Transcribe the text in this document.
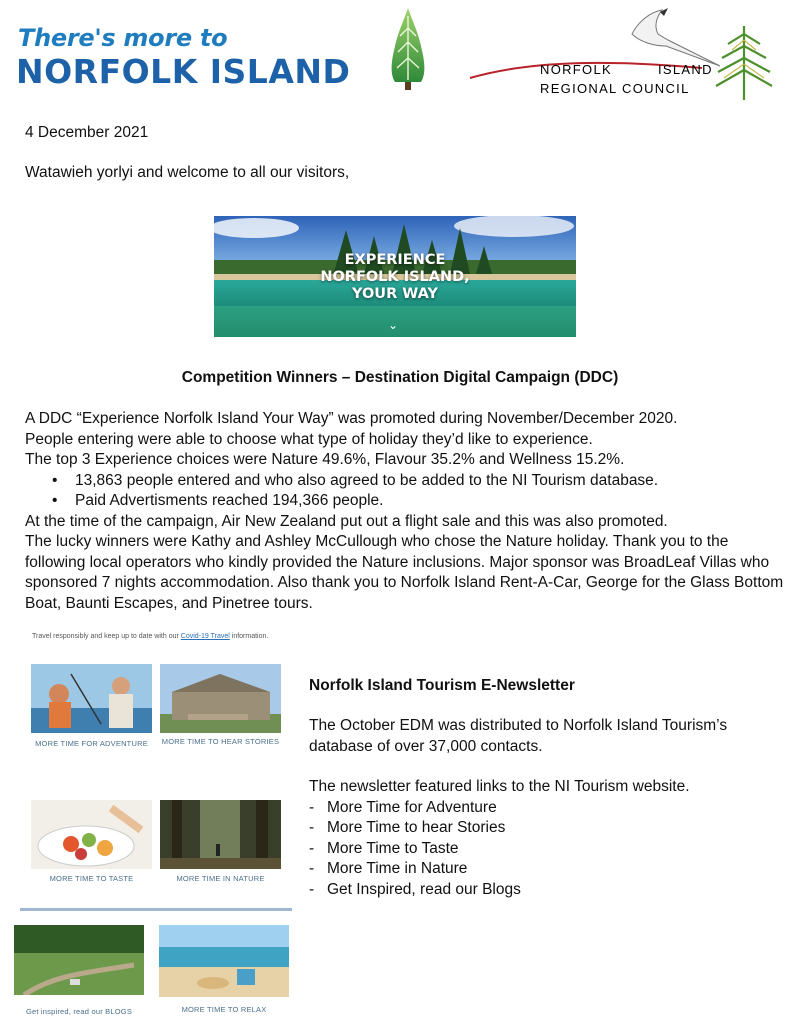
There's more to
NORFOLK ISLAND	NORFOLK	ISLAND
REGIONAL COUNCIL
4 December 2021
Watawieh yorlyi and welcome to all our visitors,
EXPERIENCE
NORFOLK ISLAND,
YOUR WAY
⌄
Competition Winners – Destination Digital Campaign (DDC)

A DDC “Experience Norfolk Island Your Way” was promoted during November/December 2020.

People entering were able to choose what type of holiday they’d like to experience.

The top 3 Experience choices were Nature 49.6%, Flavour 35.2% and Wellness 15.2%.

• 13,863 people entered and who also agreed to be added to the NI Tourism database.
• Paid Advertisments reached 194,366 people.

At the time of the campaign, Air New Zealand put out a flight sale and this was also promoted.

The lucky winners were Kathy and Ashley McCullough who chose the Nature holiday. Thank you to the following local operators who kindly provided the Nature inclusions. Major sponsor was BroadLeaf Villas who sponsored 7 nights accommodation. Also thank you to Norfolk Island Rent-A-Car, George for the Glass Bottom Boat, Baunti Escapes, and Pinetree tours.

Travel responsibly and keep up to date with our Covid-19 Travel information.
MORE TIME FOR ADVENTURE	MORE TIME TO HEAR STORIES
MORE TIME TO TASTE	MORE TIME IN NATURE
Get inspired, read our BLOGS	MORE TIME TO RELAX
Norfolk Island Tourism E-Newsletter
The October EDM was distributed to Norfolk Island Tourism’s database of over 37,000 contacts.
The newsletter featured links to the NI Tourism website.
- More Time for Adventure
- More Time to hear Stories
- More Time to Taste
- More Time in Nature
- Get Inspired, read our Blogs
